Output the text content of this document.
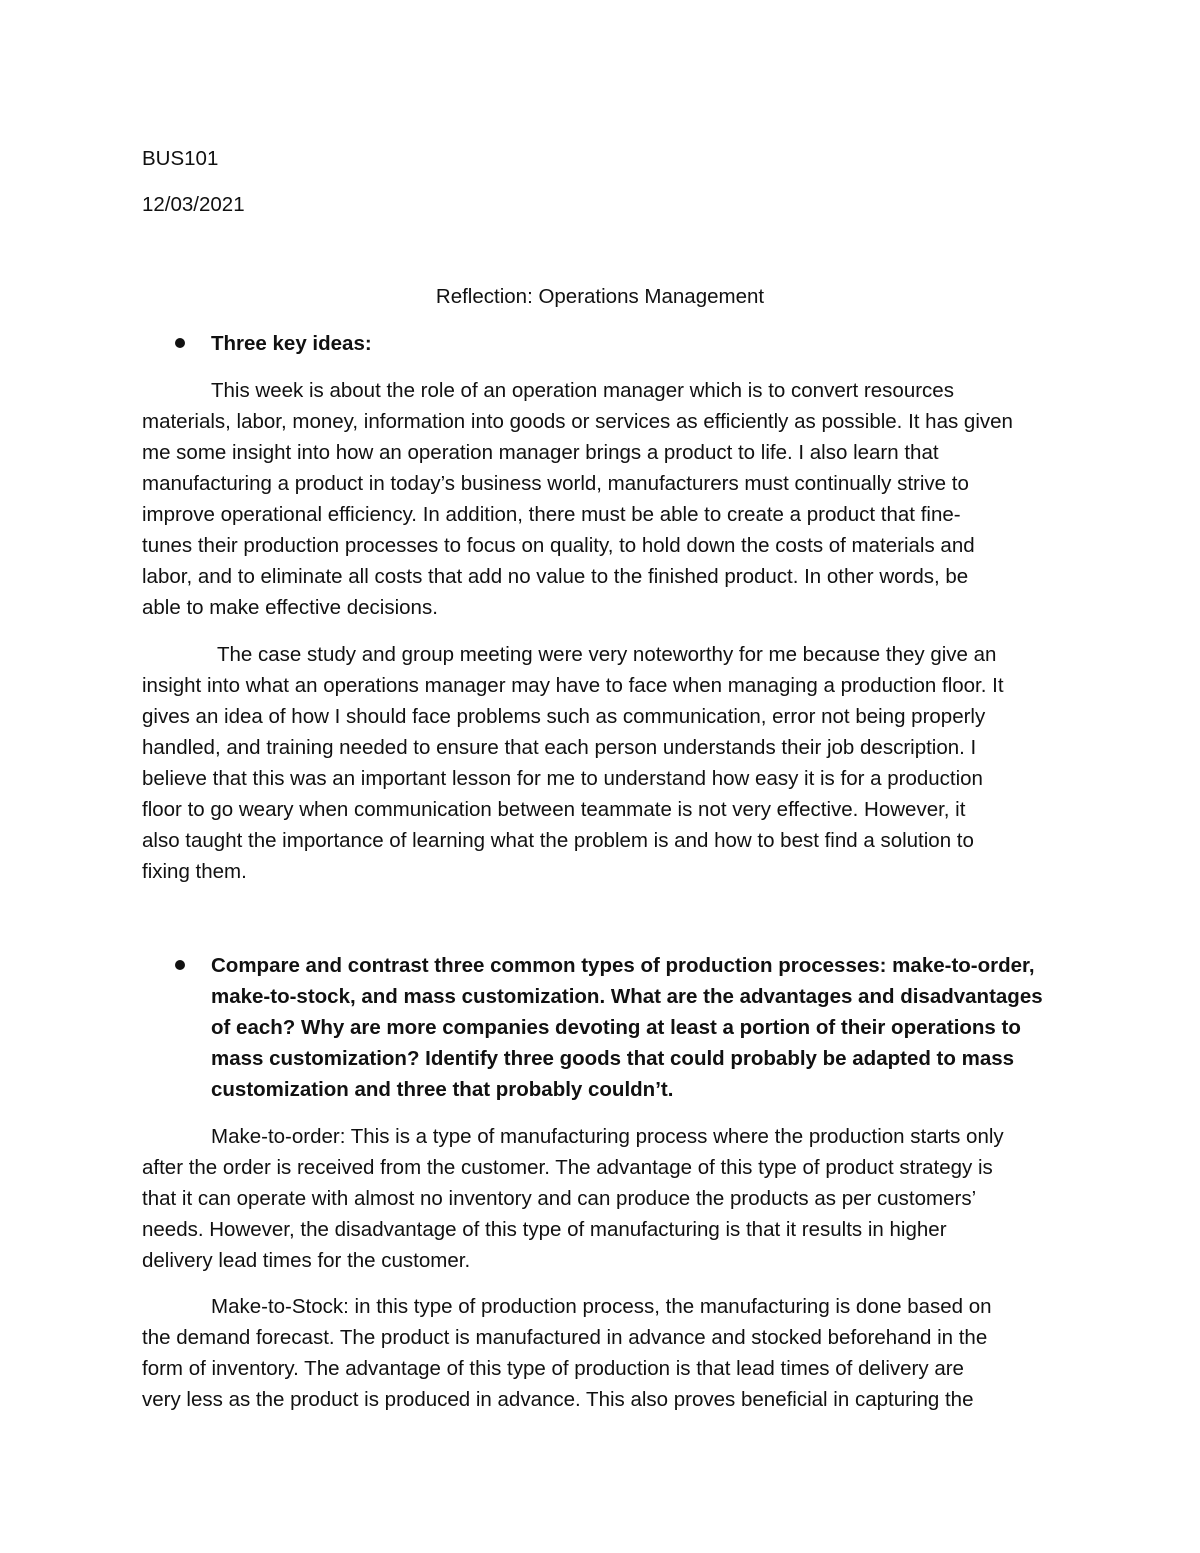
BUS101
12/03/2021
Reflection: Operations Management
Three key ideas:
This week is about the role of an operation manager which is to convert resources
materials, labor, money, information into goods or services as efficiently as possible. It has given
me some insight into how an operation manager brings a product to life. I also learn that
manufacturing a product in today’s business world, manufacturers must continually strive to
improve operational efficiency. In addition, there must be able to create a product that fine-
tunes their production processes to focus on quality, to hold down the costs of materials and
labor, and to eliminate all costs that add no value to the finished product. In other words, be
able to make effective decisions.
The case study and group meeting were very noteworthy for me because they give an
insight into what an operations manager may have to face when managing a production floor. It
gives an idea of how I should face problems such as communication, error not being properly
handled, and training needed to ensure that each person understands their job description. I
believe that this was an important lesson for me to understand how easy it is for a production
floor to go weary when communication between teammate is not very effective. However, it
also taught the importance of learning what the problem is and how to best find a solution to
fixing them.
Compare and contrast three common types of production processes: make-to-order,
make-to-stock, and mass customization. What are the advantages and disadvantages
of each? Why are more companies devoting at least a portion of their operations to
mass customization? Identify three goods that could probably be adapted to mass
customization and three that probably couldn’t.
Make-to-order: This is a type of manufacturing process where the production starts only
after the order is received from the customer. The advantage of this type of product strategy is
that it can operate with almost no inventory and can produce the products as per customers’
needs. However, the disadvantage of this type of manufacturing is that it results in higher
delivery lead times for the customer.
Make-to-Stock: in this type of production process, the manufacturing is done based on
the demand forecast. The product is manufactured in advance and stocked beforehand in the
form of inventory. The advantage of this type of production is that lead times of delivery are
very less as the product is produced in advance. This also proves beneficial in capturing the
